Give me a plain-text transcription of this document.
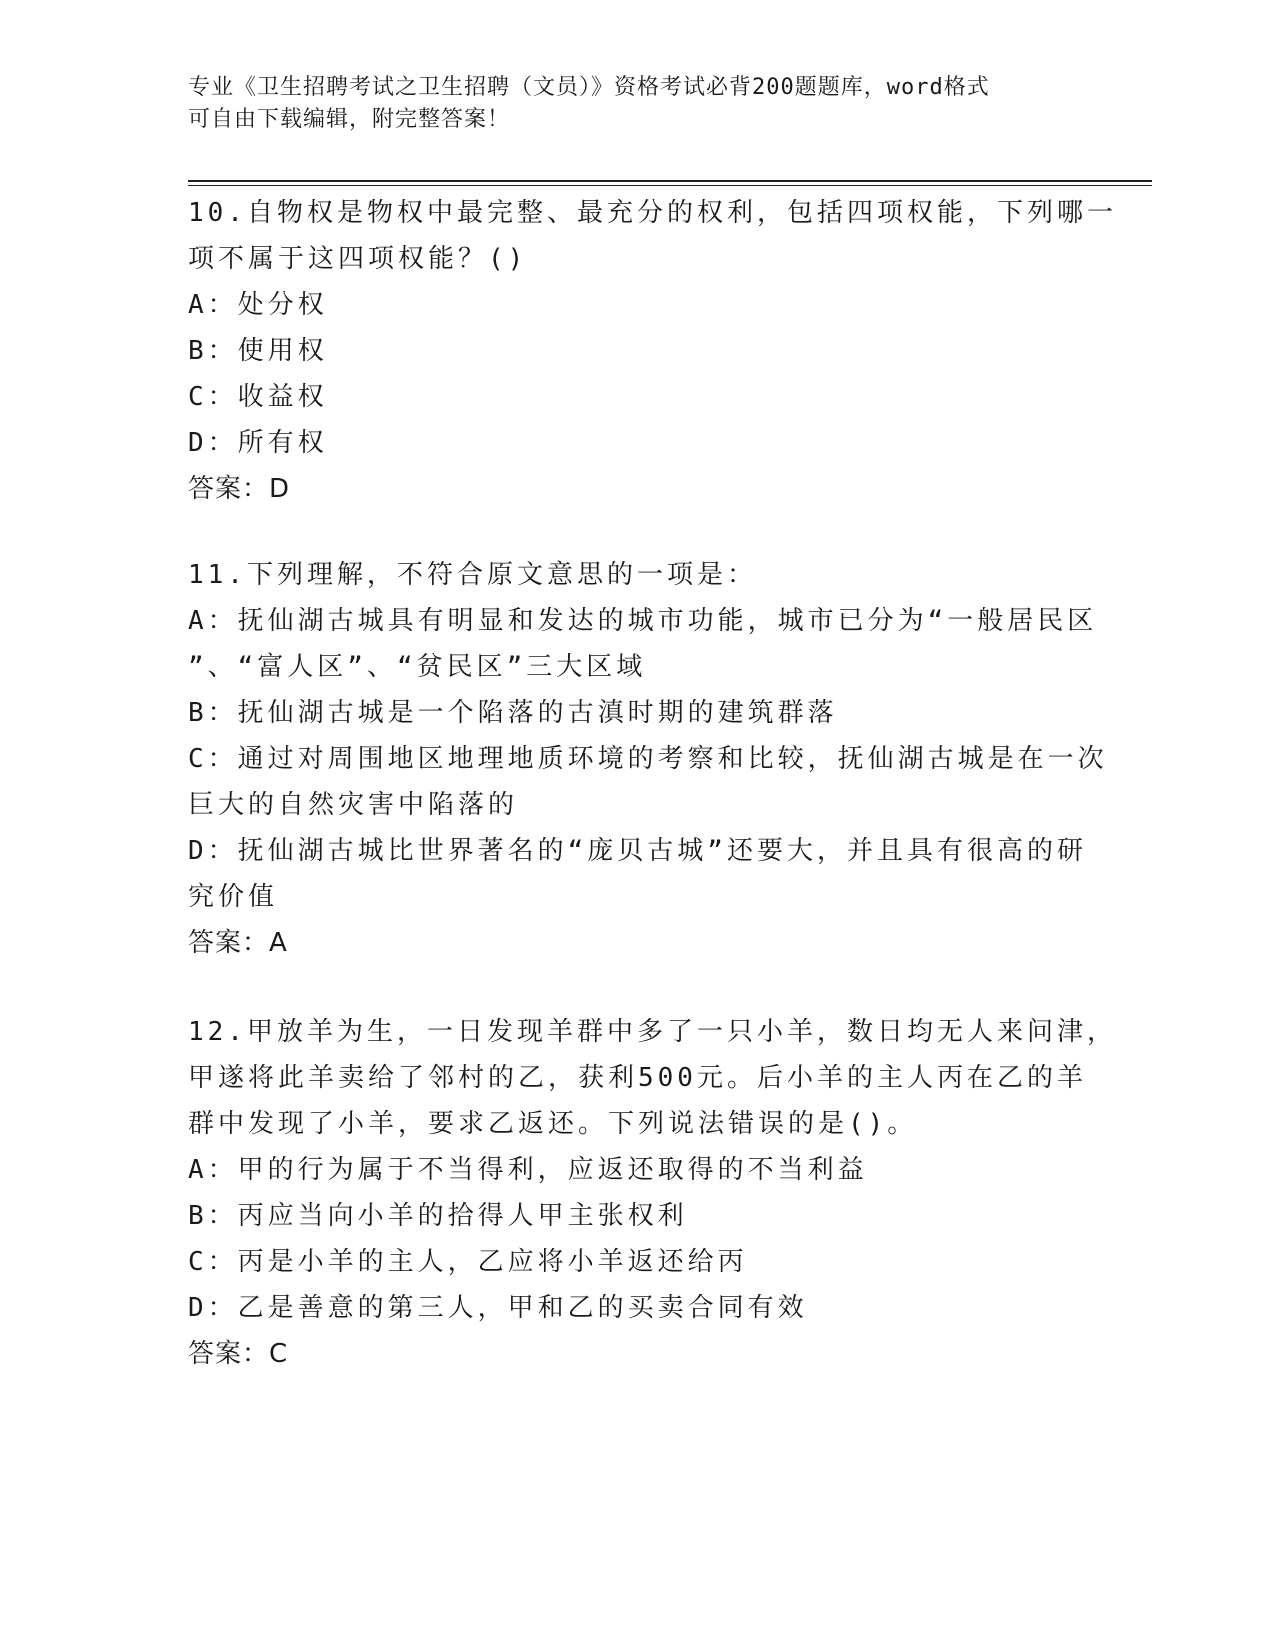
专业《卫生招聘考试之卫生招聘（文员）》资格考试必背200题题库，word格式
可自由下载编辑，附完整答案！
10.自物权是物权中最完整、最充分的权利，包括四项权能，下列哪一
项不属于这四项权能？()
A：处分权
B：使用权
C：收益权
D：所有权
答案：D
11.下列理解，不符合原文意思的一项是：
A：抚仙湖古城具有明显和发达的城市功能，城市已分为“一般居民区
”、“富人区”、“贫民区”三大区域
B：抚仙湖古城是一个陷落的古滇时期的建筑群落
C：通过对周围地区地理地质环境的考察和比较，抚仙湖古城是在一次
巨大的自然灾害中陷落的
D：抚仙湖古城比世界著名的“庞贝古城”还要大，并且具有很高的研
究价值
答案：A
12.甲放羊为生，一日发现羊群中多了一只小羊，数日均无人来问津，
甲遂将此羊卖给了邻村的乙，获利500元。后小羊的主人丙在乙的羊
群中发现了小羊，要求乙返还。下列说法错误的是()。
A：甲的行为属于不当得利，应返还取得的不当利益
B：丙应当向小羊的拾得人甲主张权利
C：丙是小羊的主人，乙应将小羊返还给丙
D：乙是善意的第三人，甲和乙的买卖合同有效
答案：C
